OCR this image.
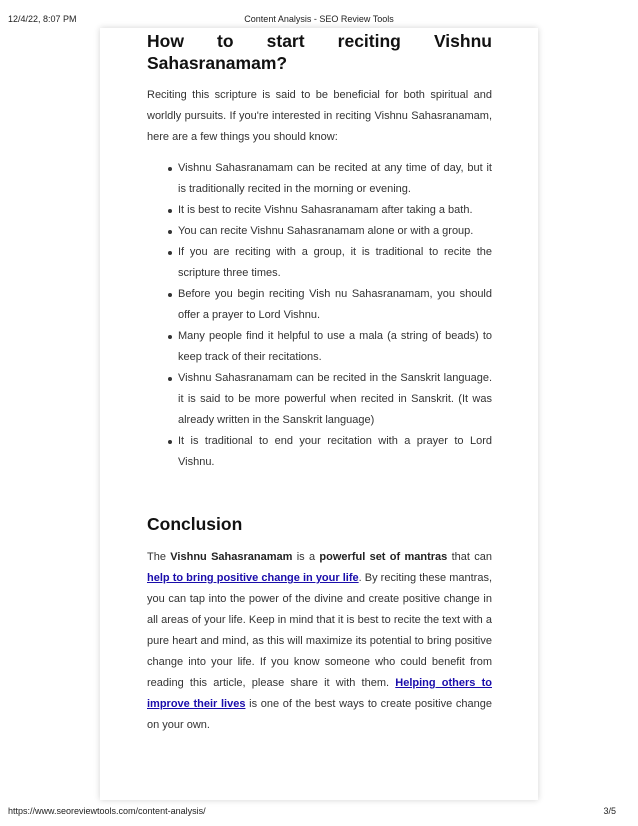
12/4/22, 8:07 PM	Content Analysis - SEO Review Tools
How to start reciting Vishnu
Sahasranamam?

Reciting this scripture is said to be beneficial for both spiritual and worldly pursuits. If you're interested in reciting Vishnu Sahasranamam, here are a few things you should know:

Vishnu Sahasranamam can be recited at any time of day, but it is traditionally recited in the morning or evening.
It is best to recite Vishnu Sahasranamam after taking a bath.
You can recite Vishnu Sahasranamam alone or with a group.
If you are reciting with a group, it is traditional to recite the scripture three times.
Before you begin reciting Vish nu Sahasranamam, you should offer a prayer to Lord Vishnu.
Many people find it helpful to use a mala (a string of beads) to keep track of their recitations.
Vishnu Sahasranamam can be recited in the Sanskrit language. it is said to be more powerful when recited in Sanskrit. (It was already written in the Sanskrit language)
It is traditional to end your recitation with a prayer to Lord Vishnu.
Conclusion

The Vishnu Sahasranamam is a powerful set of mantras that can help to bring positive change in your life. By reciting these mantras, you can tap into the power of the divine and create positive change in all areas of your life. Keep in mind that it is best to recite the text with a pure heart and mind, as this will maximize its potential to bring positive change into your life. If you know someone who could benefit from reading this article, please share it with them. Helping others to improve their lives is one of the best ways to create positive change on your own.

https://www.seoreviewtools.com/content-analysis/	3/5
